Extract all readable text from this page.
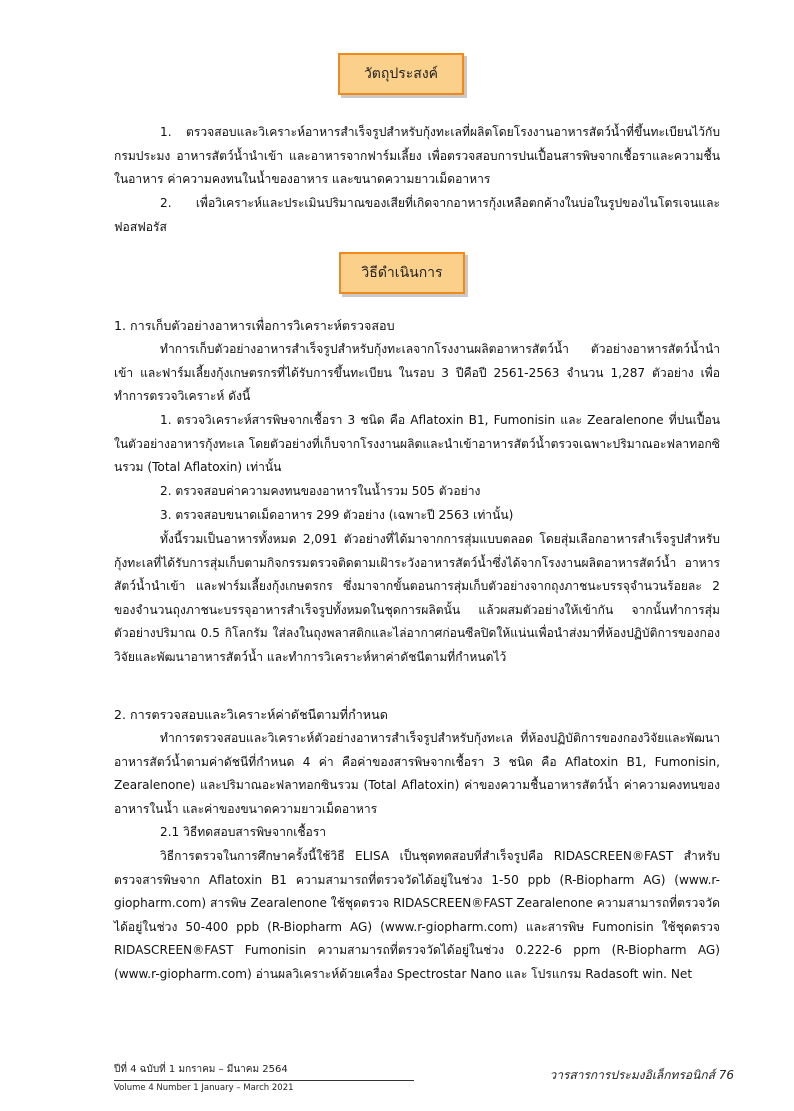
วัตถุประสงค์

1. ตรวจสอบและวิเคราะห์อาหารสำเร็จรูปสำหรับกุ้งทะเลที่ผลิตโดยโรงงานอาหารสัตว์น้ำที่ขึ้นทะเบียนไว้กับกรมประมง อาหารสัตว์น้ำนำเข้า และอาหารจากฟาร์มเลี้ยง เพื่อตรวจสอบการปนเปื้อนสารพิษจากเชื้อราและความชื้นในอาหาร ค่าความคงทนในน้ำของอาหาร และขนาดความยาวเม็ดอาหาร

2. เพื่อวิเคราะห์และประเมินปริมาณของเสียที่เกิดจากอาหารกุ้งเหลือตกค้างในบ่อในรูปของไนโตรเจนและฟอสฟอรัส

วิธีดำเนินการ

1. การเก็บตัวอย่างอาหารเพื่อการวิเคราะห์ตรวจสอบ

ทำการเก็บตัวอย่างอาหารสำเร็จรูปสำหรับกุ้งทะเลจากโรงงานผลิตอาหารสัตว์น้ำ ตัวอย่างอาหารสัตว์น้ำนำเข้า และฟาร์มเลี้ยงกุ้งเกษตรกรที่ได้รับการขึ้นทะเบียน ในรอบ 3 ปีคือปี 2561-2563 จำนวน 1,287 ตัวอย่าง เพื่อทำการตรวจวิเคราะห์ ดังนี้

1. ตรวจวิเคราะห์สารพิษจากเชื้อรา 3 ชนิด คือ Aflatoxin B1, Fumonisin และ Zearalenone ที่ปนเปื้อนในตัวอย่างอาหารกุ้งทะเล โดยตัวอย่างที่เก็บจากโรงงานผลิตและนำเข้าอาหารสัตว์น้ำตรวจเฉพาะปริมาณอะฟลาทอกซินรวม (Total Aflatoxin) เท่านั้น

2. ตรวจสอบค่าความคงทนของอาหารในน้ำรวม 505 ตัวอย่าง

3. ตรวจสอบขนาดเม็ดอาหาร 299 ตัวอย่าง (เฉพาะปี 2563 เท่านั้น)

ทั้งนี้รวมเป็นอาหารทั้งหมด 2,091 ตัวอย่างที่ได้มาจากการสุ่มแบบตลอด โดยสุ่มเลือกอาหารสำเร็จรูปสำหรับกุ้งทะเลที่ได้รับการสุ่มเก็บตามกิจกรรมตรวจติดตามเฝ้าระวังอาหารสัตว์น้ำซึ่งได้จากโรงงานผลิตอาหารสัตว์น้ำ อาหารสัตว์น้ำนำเข้า และฟาร์มเลี้ยงกุ้งเกษตรกร ซึ่งมาจากขั้นตอนการสุ่มเก็บตัวอย่างจากถุงภาชนะบรรจุจำนวนร้อยละ 2 ของจำนวนถุงภาชนะบรรจุอาหารสำเร็จรูปทั้งหมดในชุดการผลิตนั้น แล้วผสมตัวอย่างให้เข้ากัน จากนั้นทำการสุ่มตัวอย่างปริมาณ 0.5 กิโลกรัม ใส่ลงในถุงพลาสติกและไล่อากาศก่อนซีลปิดให้แน่นเพื่อนำส่งมาที่ห้องปฏิบัติการของกองวิจัยและพัฒนาอาหารสัตว์น้ำ และทำการวิเคราะห์หาค่าดัชนีตามที่กำหนดไว้

2. การตรวจสอบและวิเคราะห์ค่าดัชนีตามที่กำหนด

ทำการตรวจสอบและวิเคราะห์ตัวอย่างอาหารสำเร็จรูปสำหรับกุ้งทะเล ที่ห้องปฏิบัติการของกองวิจัยและพัฒนาอาหารสัตว์น้ำตามค่าดัชนีที่กำหนด 4 ค่า คือค่าของสารพิษจากเชื้อรา 3 ชนิด คือ Aflatoxin B1, Fumonisin, Zearalenone) และปริมาณอะฟลาทอกซินรวม (Total Aflatoxin) ค่าของความชื้นอาหารสัตว์น้ำ ค่าความคงทนของอาหารในน้ำ และค่าของขนาดความยาวเม็ดอาหาร

2.1 วิธีทดสอบสารพิษจากเชื้อรา

วิธีการตรวจในการศึกษาครั้งนี้ใช้วิธี ELISA เป็นชุดทดสอบที่สำเร็จรูปคือ RIDASCREEN®FAST สำหรับตรวจสารพิษจาก Aflatoxin B1 ความสามารถที่ตรวจวัดได้อยู่ในช่วง 1-50 ppb (R-Biopharm AG) (www.r-giopharm.com) สารพิษ Zearalenone ใช้ชุดตรวจ RIDASCREEN®FAST Zearalenone ความสามารถที่ตรวจวัดได้อยู่ในช่วง 50-400 ppb (R-Biopharm AG) (www.r-giopharm.com) และสารพิษ Fumonisin ใช้ชุดตรวจ RIDASCREEN®FAST Fumonisin ความสามารถที่ตรวจวัดได้อยู่ในช่วง 0.222-6 ppm (R-Biopharm AG) (www.r-giopharm.com) อ่านผลวิเคราะห์ด้วยเครื่อง Spectrostar Nano และ โปรแกรม Radasoft win. Net

ปีที่ 4 ฉบับที่ 1 มกราคม – มีนาคม 2564
Volume 4 Number 1 January – March 2021
วารสารการประมงอิเล็กทรอนิกส์ 76
